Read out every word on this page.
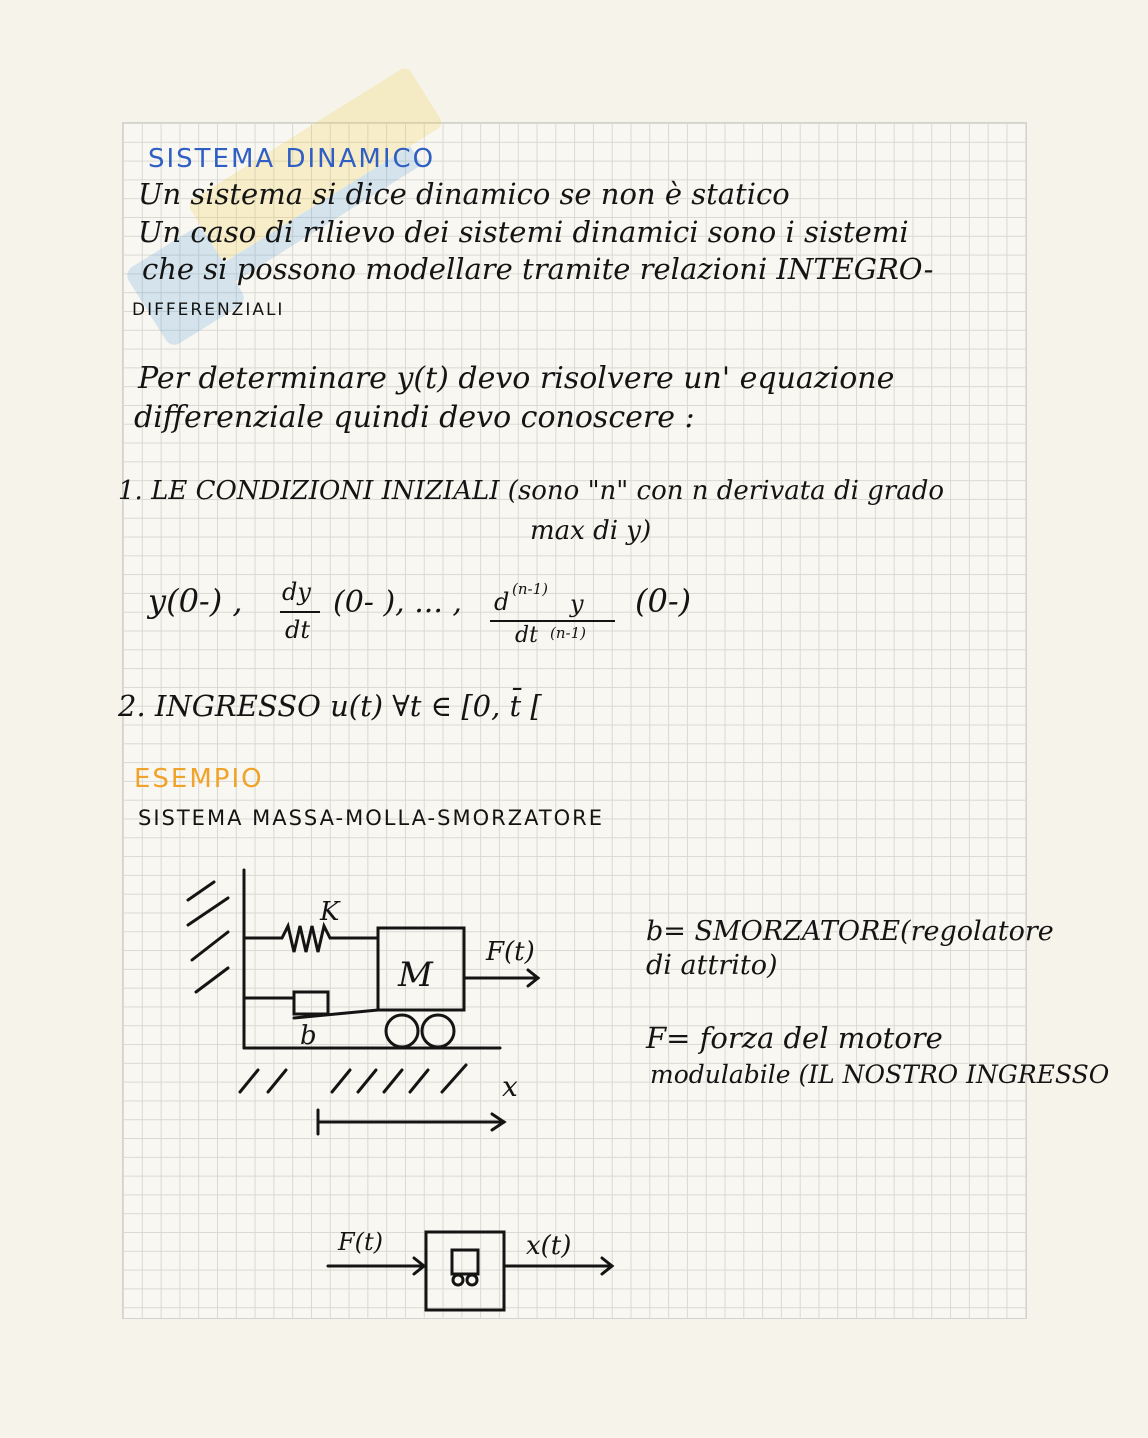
SISTEMA DINAMICO

Un sistema si dice dinamico se non è statico

Un caso di rilievo dei sistemi dinamici sono i sistemi

che si possono modellare tramite relazioni INTEGRO-

DIFFERENZIALI

Per determinare y(t) devo risolvere un' equazione

differenziale quindi devo conoscere :

1. LE CONDIZIONI INIZIALI (sono "n" con n derivata di grado

max di y)

y(0-) , dy

dt

(0- ), ... , d (n-1)

y

dt (n-1)

(0-)

2. INGRESSO u(t) ∀t ∈ [0, t̄ [

ESEMPIO

SISTEMA MASSA-MOLLA-SMORZATORE

K
M
F(t)
b
x

b= SMORZATORE(regolatore

di attrito)

F= forza del motore

modulabile (IL NOSTRO INGRESSO

F(t)	x(t)
